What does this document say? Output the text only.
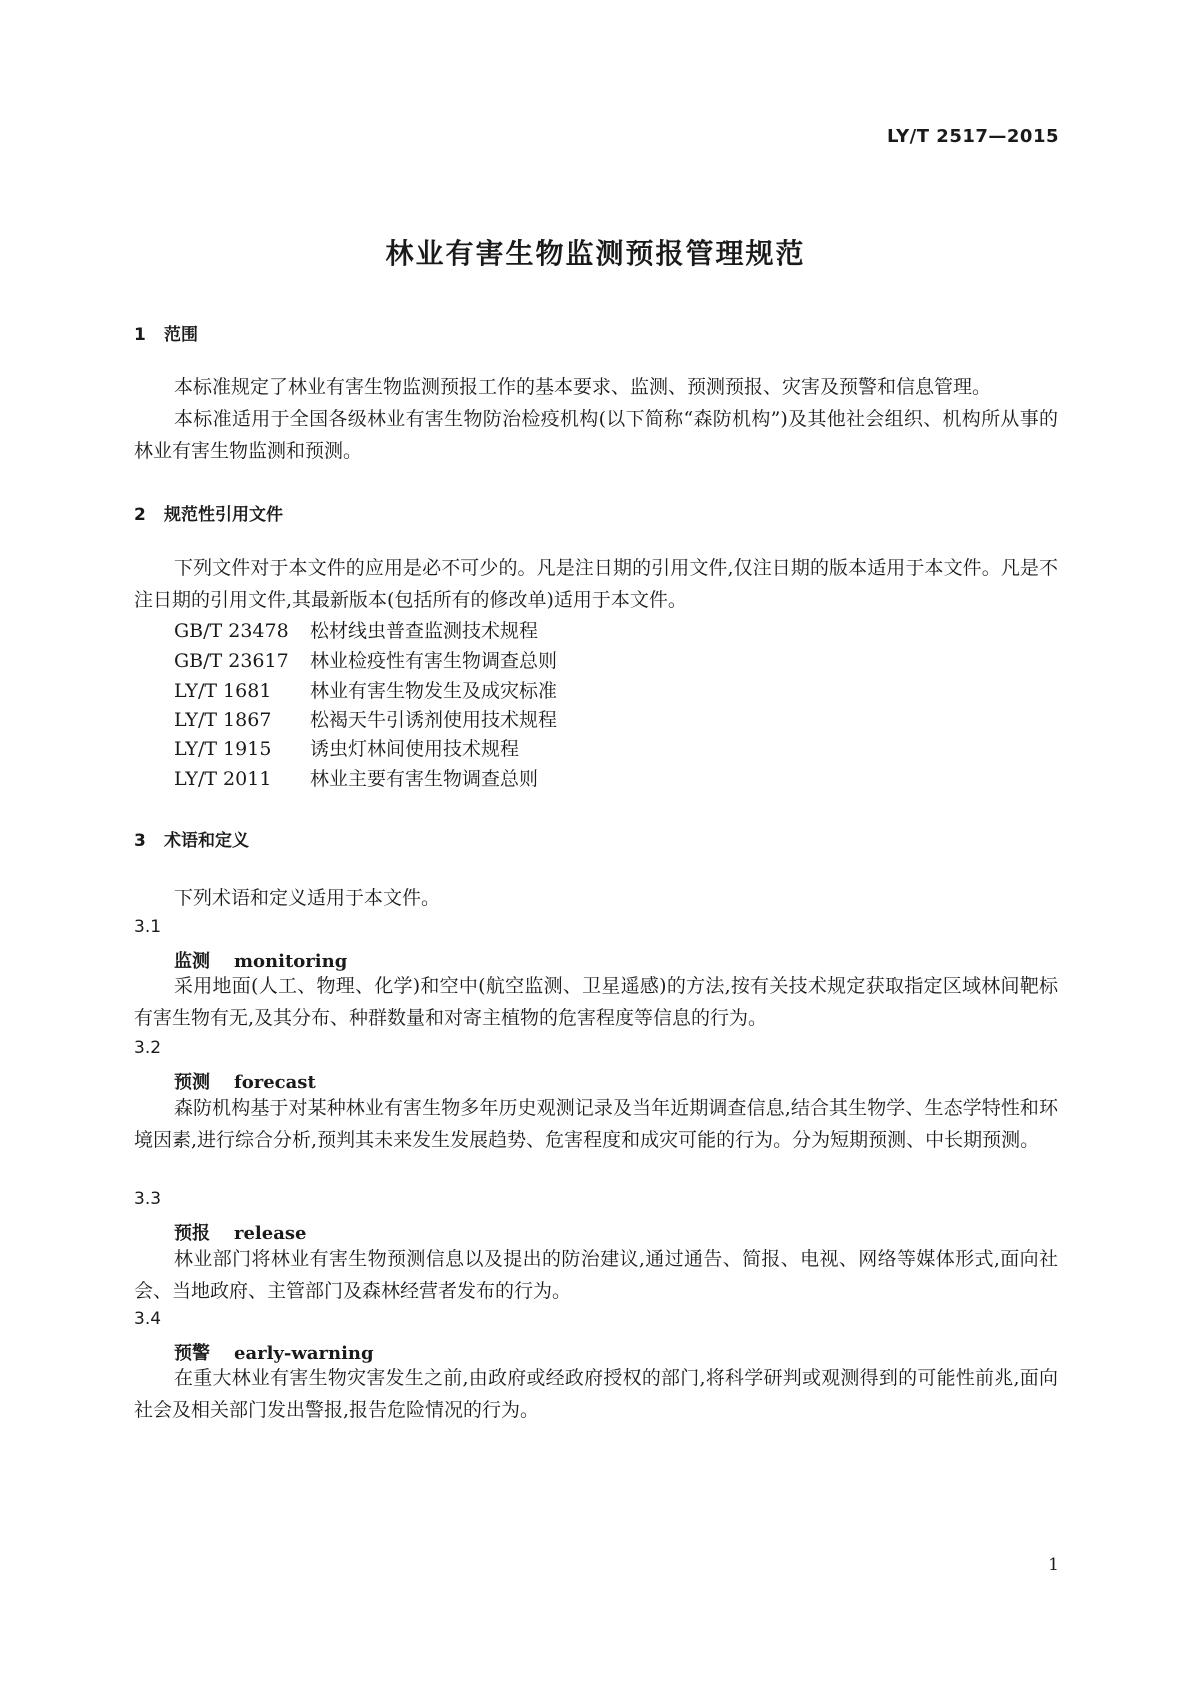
LY/T 2517—2015
林业有害生物监测预报管理规范
1 范围
本标准规定了林业有害生物监测预报工作的基本要求、监测、预测预报、灾害及预警和信息管理。
本标准适用于全国各级林业有害生物防治检疫机构(以下简称“森防机构”)及其他社会组织、机构所从事的林业有害生物监测和预测。
2 规范性引用文件
下列文件对于本文件的应用是必不可少的。凡是注日期的引用文件,仅注日期的版本适用于本文件。凡是不注日期的引用文件,其最新版本(包括所有的修改单)适用于本文件。
GB/T 23478 松材线虫普查监测技术规程
GB/T 23617 林业检疫性有害生物调查总则
LY/T 1681 林业有害生物发生及成灾标准
LY/T 1867 松褐天牛引诱剂使用技术规程
LY/T 1915 诱虫灯林间使用技术规程
LY/T 2011 林业主要有害生物调查总则
3 术语和定义
下列术语和定义适用于本文件。
3.1
监测 monitoring
采用地面(人工、物理、化学)和空中(航空监测、卫星遥感)的方法,按有关技术规定获取指定区域林间靶标有害生物有无,及其分布、种群数量和对寄主植物的危害程度等信息的行为。
3.2
预测 forecast
森防机构基于对某种林业有害生物多年历史观测记录及当年近期调查信息,结合其生物学、生态学特性和环境因素,进行综合分析,预判其未来发生发展趋势、危害程度和成灾可能的行为。分为短期预测、中长期预测。
3.3
预报 release
林业部门将林业有害生物预测信息以及提出的防治建议,通过通告、简报、电视、网络等媒体形式,面向社会、当地政府、主管部门及森林经营者发布的行为。
3.4
预警 early-warning
在重大林业有害生物灾害发生之前,由政府或经政府授权的部门,将科学研判或观测得到的可能性前兆,面向社会及相关部门发出警报,报告危险情况的行为。
1
